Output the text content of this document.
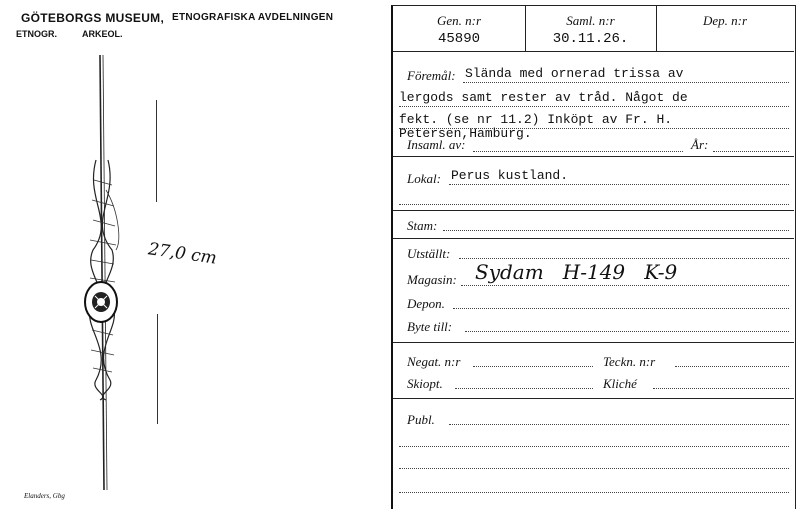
GÖTEBORGS MUSEUM, ETNOGRAFISKA AVDELNINGEN
ETNOGR.	ARKEOL.
27,0 cm
Elanders, Gbg
Gen. n:r
45890
Saml. n:r
30.11.26.
Dep. n:r
Föremål: Slända med ornerad trissa av
lergods samt rester av tråd. Något de
fekt. (se nr 11.2) Inköpt av Fr. H.
Petersen,Hamburg.
Insaml. av:	År:
Lokal: Perus kustland.
Stam:
Utställt:
Magasin: Sydam   H-149   K-9
Depon.
Byte till:
Negat. n:r	Teckn. n:r
Skiopt.	Kliché
Publ.
